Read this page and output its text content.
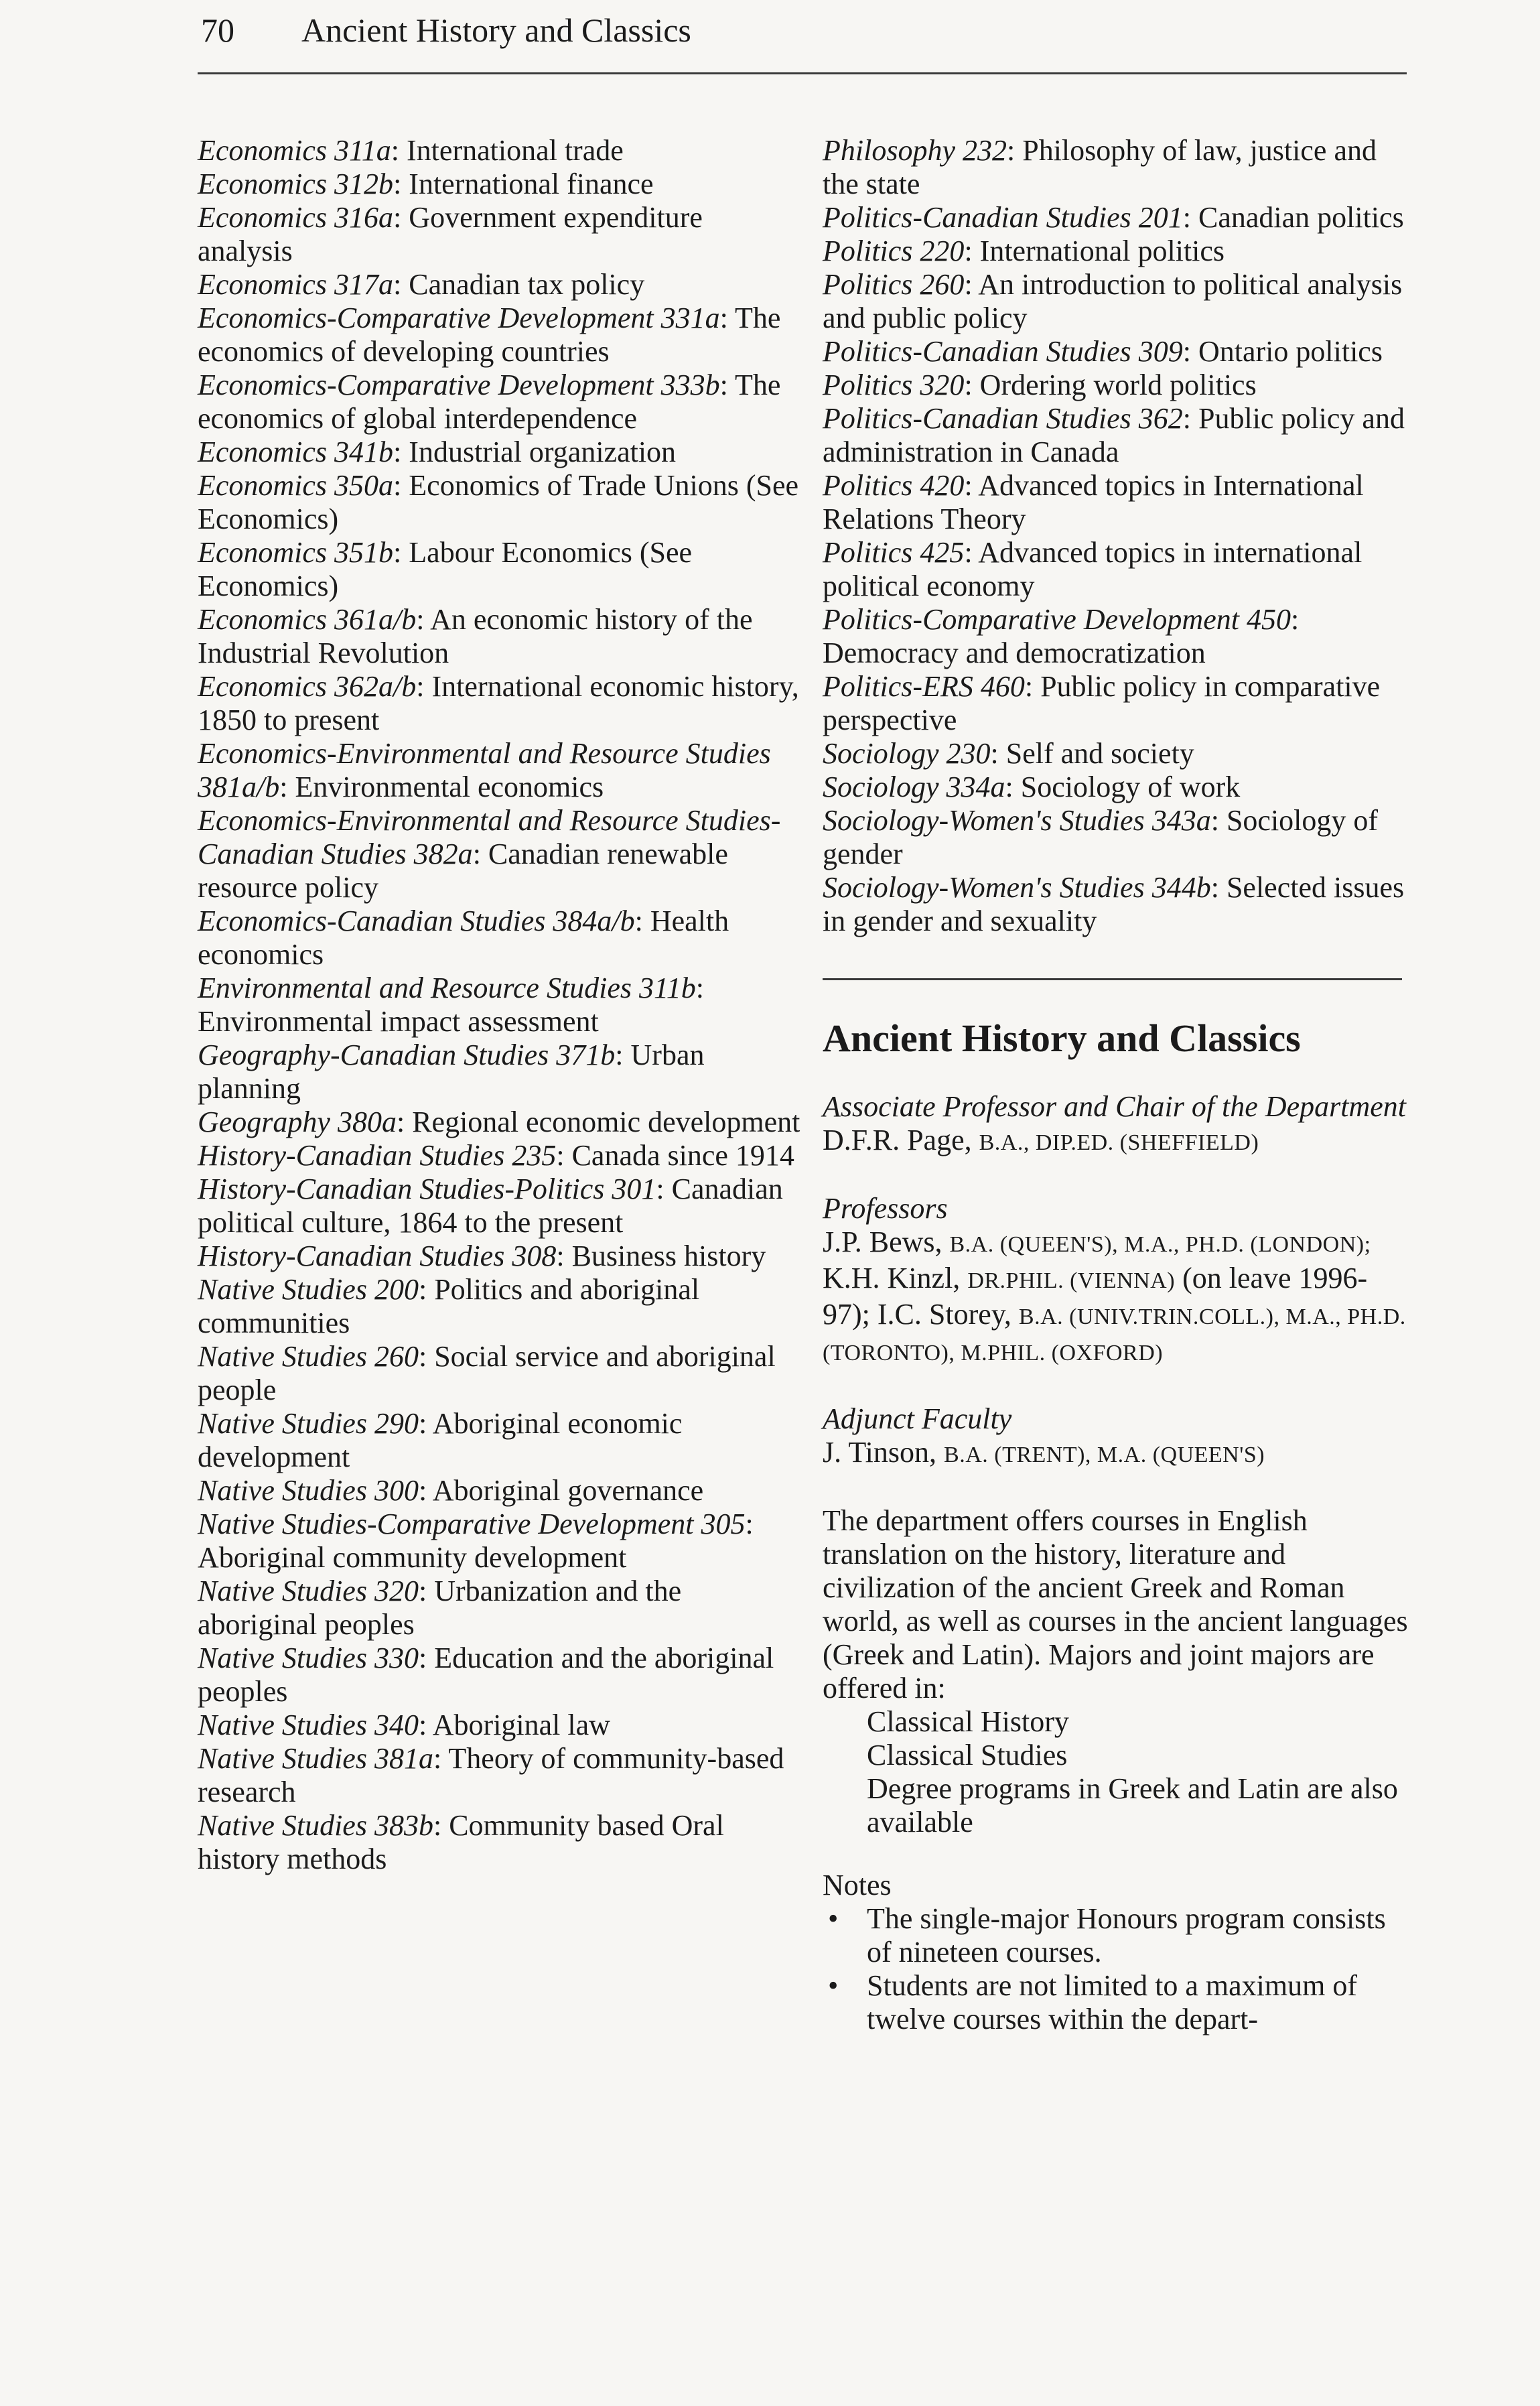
70 Ancient History and Classics

Economics 311a: International trade

Economics 312b: International finance

Economics 316a: Government expenditure analysis

Economics 317a: Canadian tax policy

Economics-Comparative Development 331a: The economics of developing countries

Economics-Comparative Development 333b: The economics of global interdependence

Economics 341b: Industrial organization

Economics 350a: Economics of Trade Unions (See Economics)

Economics 351b: Labour Economics (See Economics)

Economics 361a/b: An economic history of the Industrial Revolution

Economics 362a/b: International economic history, 1850 to present

Economics-Environmental and Resource Studies 381a/b: Environmental economics

Economics-Environmental and Resource Studies-Canadian Studies 382a: Canadian renewable resource policy

Economics-Canadian Studies 384a/b: Health economics

Environmental and Resource Studies 311b: Environmental impact assessment

Geography-Canadian Studies 371b: Urban planning

Geography 380a: Regional economic development

History-Canadian Studies 235: Canada since 1914

History-Canadian Studies-Politics 301: Canadian political culture, 1864 to the present

History-Canadian Studies 308: Business history

Native Studies 200: Politics and aboriginal communities

Native Studies 260: Social service and aboriginal people

Native Studies 290: Aboriginal economic development

Native Studies 300: Aboriginal governance

Native Studies-Comparative Development 305: Aboriginal community development

Native Studies 320: Urbanization and the aboriginal peoples

Native Studies 330: Education and the aboriginal peoples

Native Studies 340: Aboriginal law

Native Studies 381a: Theory of community-based research

Native Studies 383b: Community based Oral history methods

Philosophy 232: Philosophy of law, justice and the state

Politics-Canadian Studies 201: Canadian politics

Politics 220: International politics

Politics 260: An introduction to political analysis and public policy

Politics-Canadian Studies 309: Ontario politics

Politics 320: Ordering world politics

Politics-Canadian Studies 362: Public policy and administration in Canada

Politics 420: Advanced topics in International Relations Theory

Politics 425: Advanced topics in international political economy

Politics-Comparative Development 450: Democracy and democratization

Politics-ERS 460: Public policy in comparative perspective

Sociology 230: Self and society

Sociology 334a: Sociology of work

Sociology-Women's Studies 343a: Sociology of gender

Sociology-Women's Studies 344b: Selected issues in gender and sexuality

Ancient History and Classics

Associate Professor and Chair of the Department

D.F.R. Page, B.A., DIP.ED. (SHEFFIELD)

Professors

J.P. Bews, B.A. (QUEEN'S), M.A., PH.D. (LONDON); K.H. Kinzl, DR.PHIL. (VIENNA) (on leave 1996-97); I.C. Storey, B.A. (UNIV.TRIN.COLL.), M.A., PH.D. (TORONTO), M.PHIL. (OXFORD)

Adjunct Faculty

J. Tinson, B.A. (TRENT), M.A. (QUEEN'S)

The department offers courses in English translation on the history, literature and civilization of the ancient Greek and Roman world, as well as courses in the ancient languages (Greek and Latin). Majors and joint majors are offered in:

Classical History

Classical Studies

Degree programs in Greek and Latin are also available

Notes

• The single-major Honours program consists of nineteen courses.

• Students are not limited to a maximum of twelve courses within the depart-
